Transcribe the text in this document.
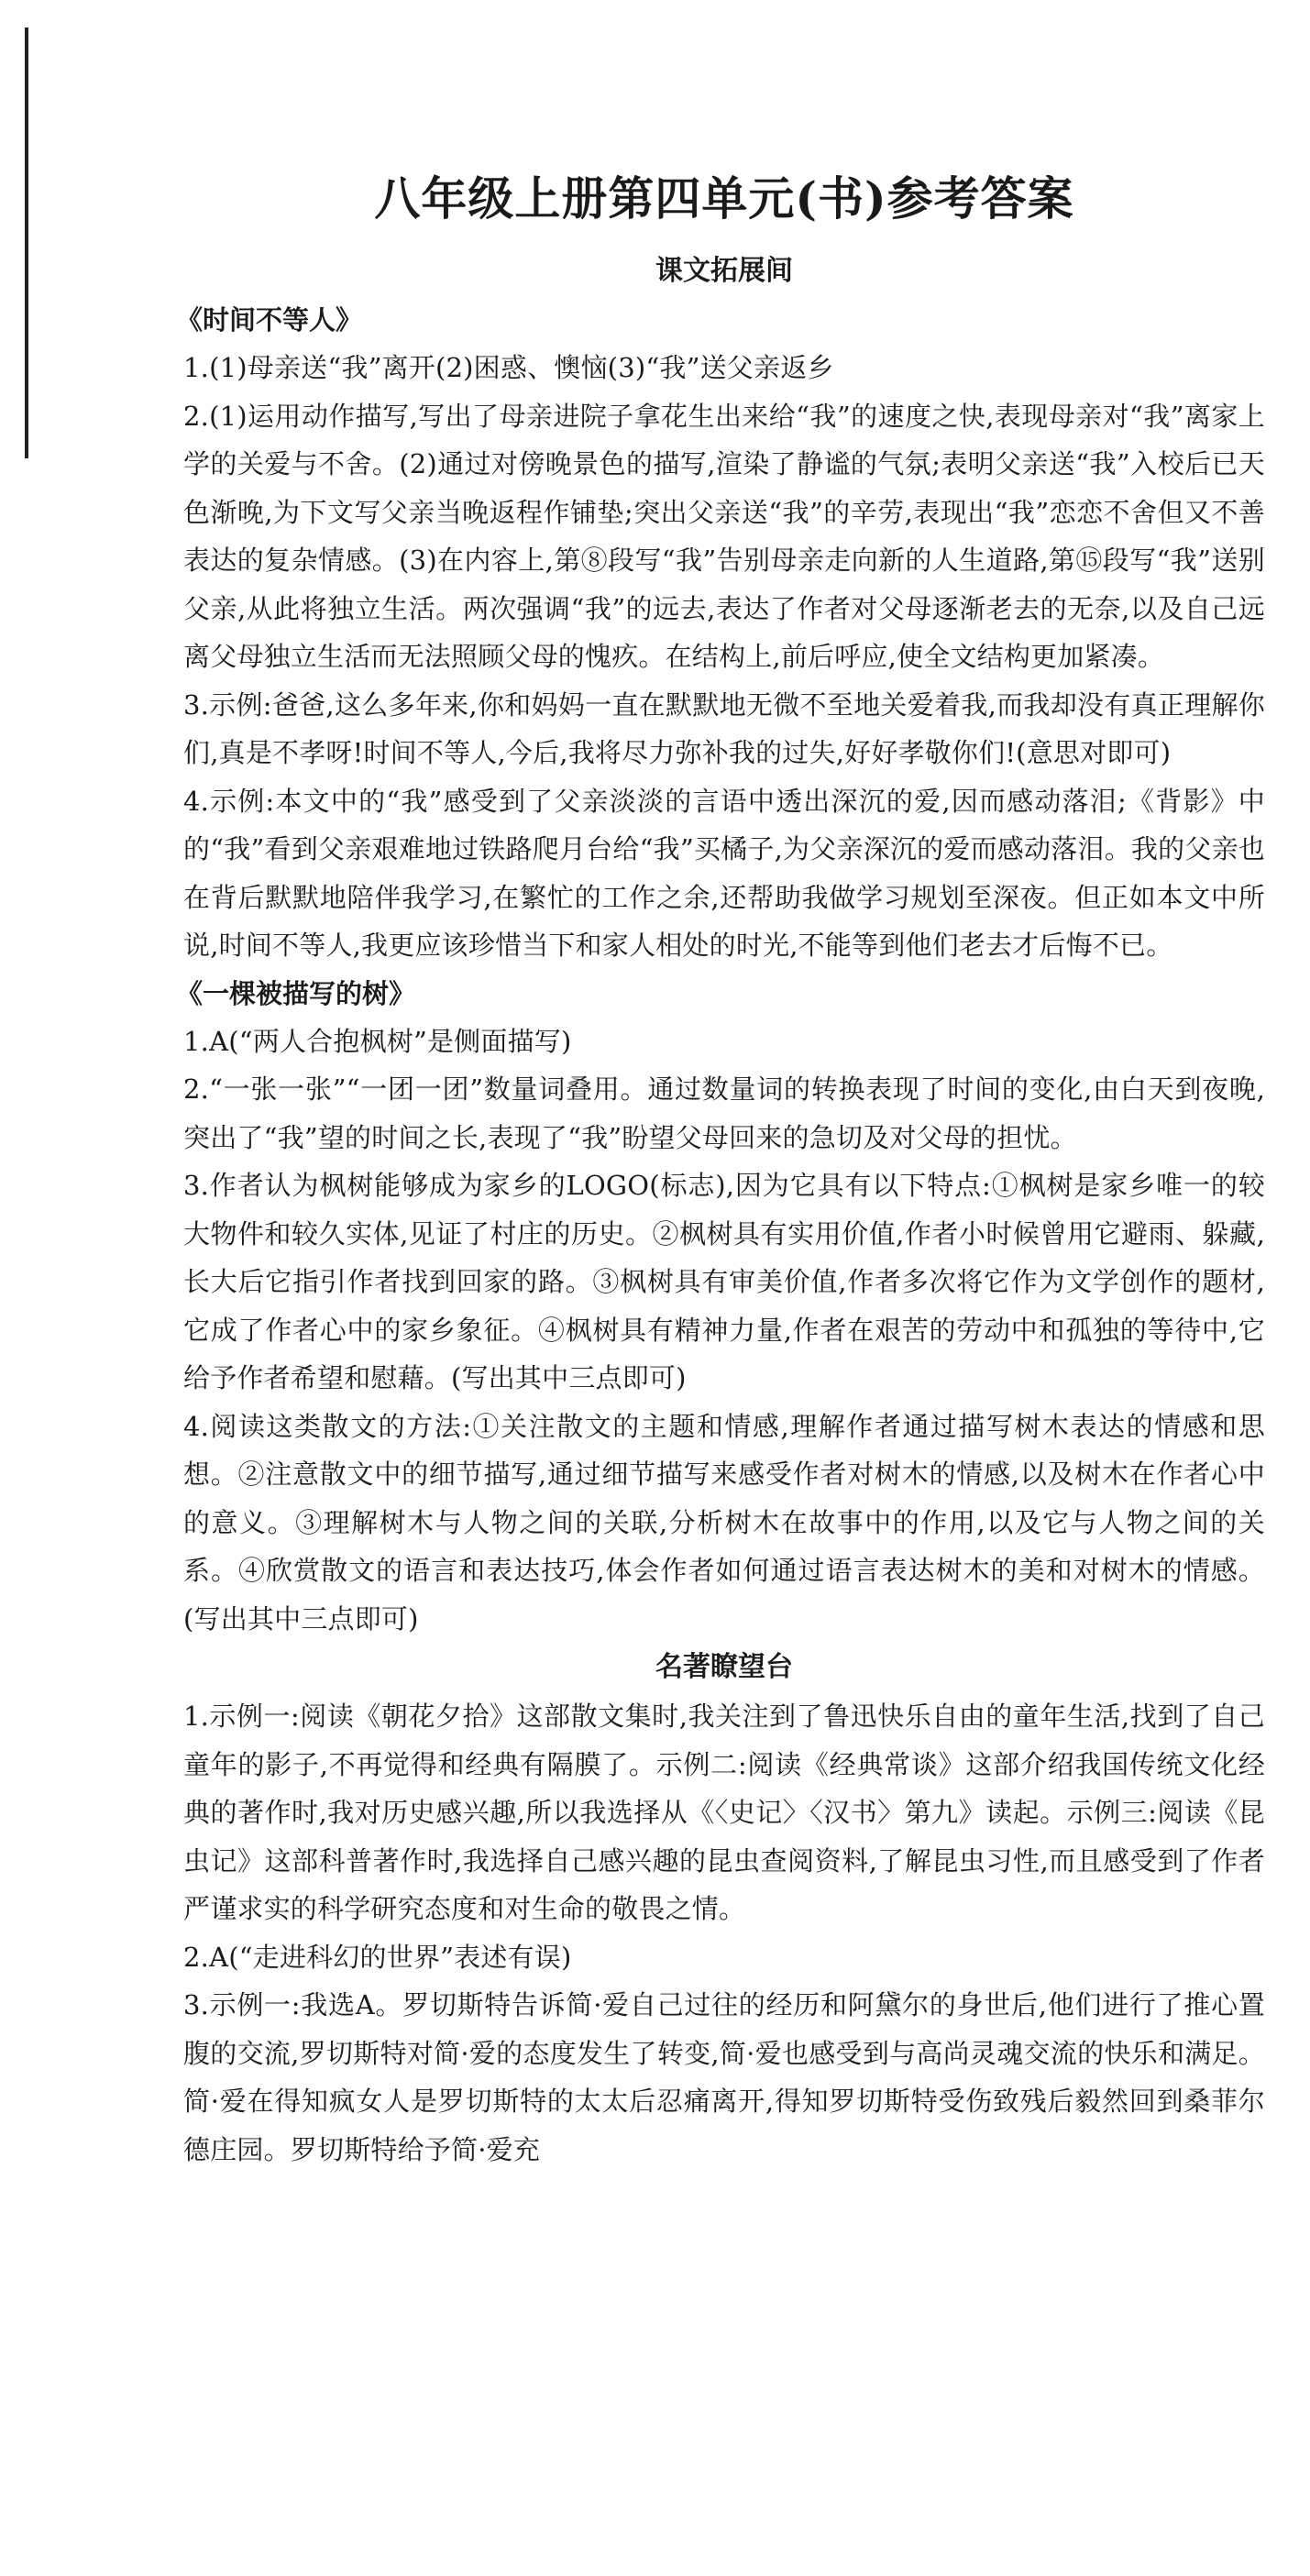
八年级上册第四单元(书)参考答案
课文拓展间
《时间不等人》

1.(1)母亲送“我”离开(2)困惑、懊恼(3)“我”送父亲返乡

2.(1)运用动作描写,写出了母亲进院子拿花生出来给“我”的速度之快,表现母亲对“我”离家上学的关爱与不舍。(2)通过对傍晚景色的描写,渲染了静谧的气氛;表明父亲送“我”入校后已天色渐晚,为下文写父亲当晚返程作铺垫;突出父亲送“我”的辛劳,表现出“我”恋恋不舍但又不善表达的复杂情感。(3)在内容上,第⑧段写“我”告别母亲走向新的人生道路,第⑮段写“我”送别父亲,从此将独立生活。两次强调“我”的远去,表达了作者对父母逐渐老去的无奈,以及自己远离父母独立生活而无法照顾父母的愧疚。在结构上,前后呼应,使全文结构更加紧凑。

3.示例:爸爸,这么多年来,你和妈妈一直在默默地无微不至地关爱着我,而我却没有真正理解你们,真是不孝呀!时间不等人,今后,我将尽力弥补我的过失,好好孝敬你们!(意思对即可)

4.示例:本文中的“我”感受到了父亲淡淡的言语中透出深沉的爱,因而感动落泪;《背影》中的“我”看到父亲艰难地过铁路爬月台给“我”买橘子,为父亲深沉的爱而感动落泪。我的父亲也在背后默默地陪伴我学习,在繁忙的工作之余,还帮助我做学习规划至深夜。但正如本文中所说,时间不等人,我更应该珍惜当下和家人相处的时光,不能等到他们老去才后悔不已。

《一棵被描写的树》

1.A(“两人合抱枫树”是侧面描写)

2.“一张一张”“一团一团”数量词叠用。通过数量词的转换表现了时间的变化,由白天到夜晚,突出了“我”望的时间之长,表现了“我”盼望父母回来的急切及对父母的担忧。

3.作者认为枫树能够成为家乡的LOGO(标志),因为它具有以下特点:①枫树是家乡唯一的较大物件和较久实体,见证了村庄的历史。②枫树具有实用价值,作者小时候曾用它避雨、躲藏,长大后它指引作者找到回家的路。③枫树具有审美价值,作者多次将它作为文学创作的题材,它成了作者心中的家乡象征。④枫树具有精神力量,作者在艰苦的劳动中和孤独的等待中,它给予作者希望和慰藉。(写出其中三点即可)

4.阅读这类散文的方法:①关注散文的主题和情感,理解作者通过描写树木表达的情感和思想。②注意散文中的细节描写,通过细节描写来感受作者对树木的情感,以及树木在作者心中的意义。③理解树木与人物之间的关联,分析树木在故事中的作用,以及它与人物之间的关系。④欣赏散文的语言和表达技巧,体会作者如何通过语言表达树木的美和对树木的情感。(写出其中三点即可)

名著瞭望台

1.示例一:阅读《朝花夕拾》这部散文集时,我关注到了鲁迅快乐自由的童年生活,找到了自己童年的影子,不再觉得和经典有隔膜了。示例二:阅读《经典常谈》这部介绍我国传统文化经典的著作时,我对历史感兴趣,所以我选择从《〈史记〉〈汉书〉第九》读起。示例三:阅读《昆虫记》这部科普著作时,我选择自己感兴趣的昆虫查阅资料,了解昆虫习性,而且感受到了作者严谨求实的科学研究态度和对生命的敬畏之情。

2.A(“走进科幻的世界”表述有误)

3.示例一:我选A。罗切斯特告诉简·爱自己过往的经历和阿黛尔的身世后,他们进行了推心置腹的交流,罗切斯特对简·爱的态度发生了转变,简·爱也感受到与高尚灵魂交流的快乐和满足。简·爱在得知疯女人是罗切斯特的太太后忍痛离开,得知罗切斯特受伤致残后毅然回到桑菲尔德庄园。罗切斯特给予简·爱充
